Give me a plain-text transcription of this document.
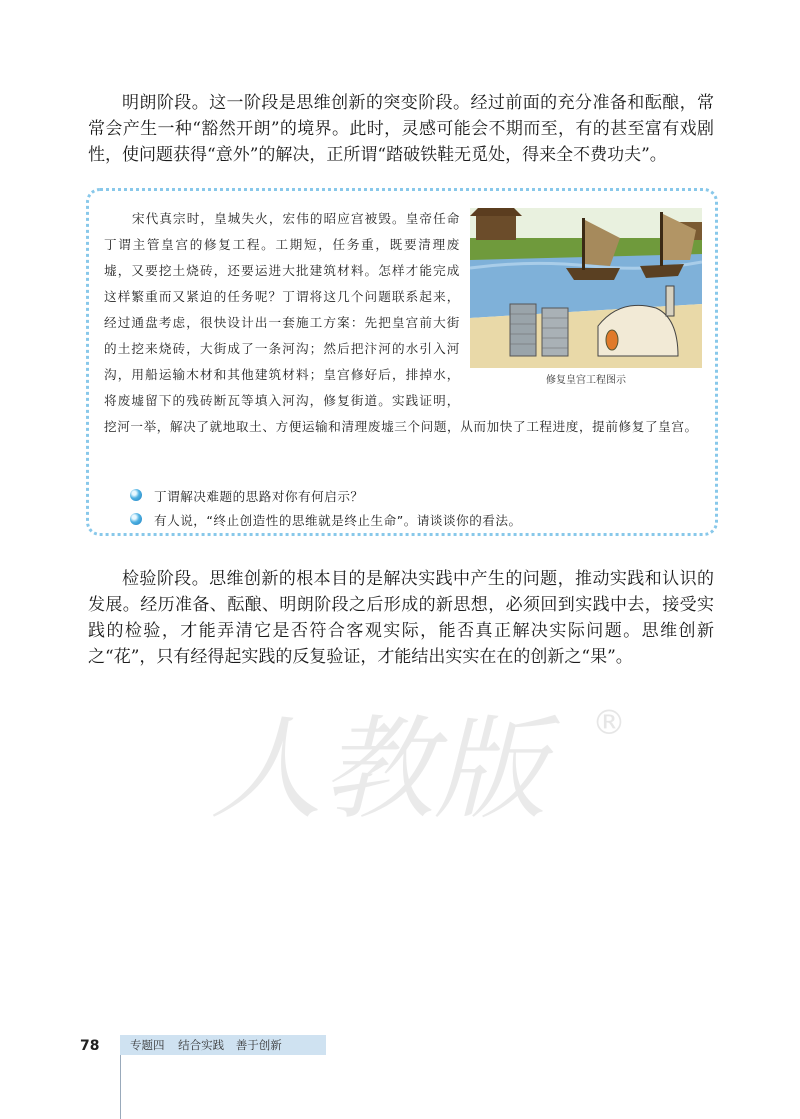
明朗阶段。这一阶段是思维创新的突变阶段。经过前面的充分准备和酝酿，常常会产生一种“豁然开朗”的境界。此时，灵感可能会不期而至，有的甚至富有戏剧性，使问题获得“意外”的解决，正所谓“踏破铁鞋无觅处，得来全不费功夫”。

修复皇宫工程图示
宋代真宗时，皇城失火，宏伟的昭应宫被毁。皇帝任命丁谓主管皇宫的修复工程。工期短，任务重，既要清理废墟，又要挖土烧砖，还要运进大批建筑材料。怎样才能完成这样繁重而又紧迫的任务呢？丁谓将这几个问题联系起来，经过通盘考虑，很快设计出一套施工方案：先把皇宫前大街的土挖来烧砖，大街成了一条河沟；然后把汴河的水引入河沟，用船运输木材和其他建筑材料；皇宫修好后，排掉水，将废墟留下的残砖断瓦等填入河沟，修复街道。实践证明，挖河一举，解决了就地取土、方便运输和清理废墟三个问题，从而加快了工程进度，提前修复了皇宫。
丁谓解决难题的思路对你有何启示？
有人说，“终止创造性的思维就是终止生命”。请谈谈你的看法。

检验阶段。思维创新的根本目的是解决实践中产生的问题，推动实践和认识的发展。经历准备、酝酿、明朗阶段之后形成的新思想，必须回到实践中去，接受实践的检验，才能弄清它是否符合客观实际，能否真正解决实际问题。思维创新之“花”，只有经得起实践的反复验证，才能结出实实在在的创新之“果”。

人教版	®
78	专题四 结合实践 善于创新
